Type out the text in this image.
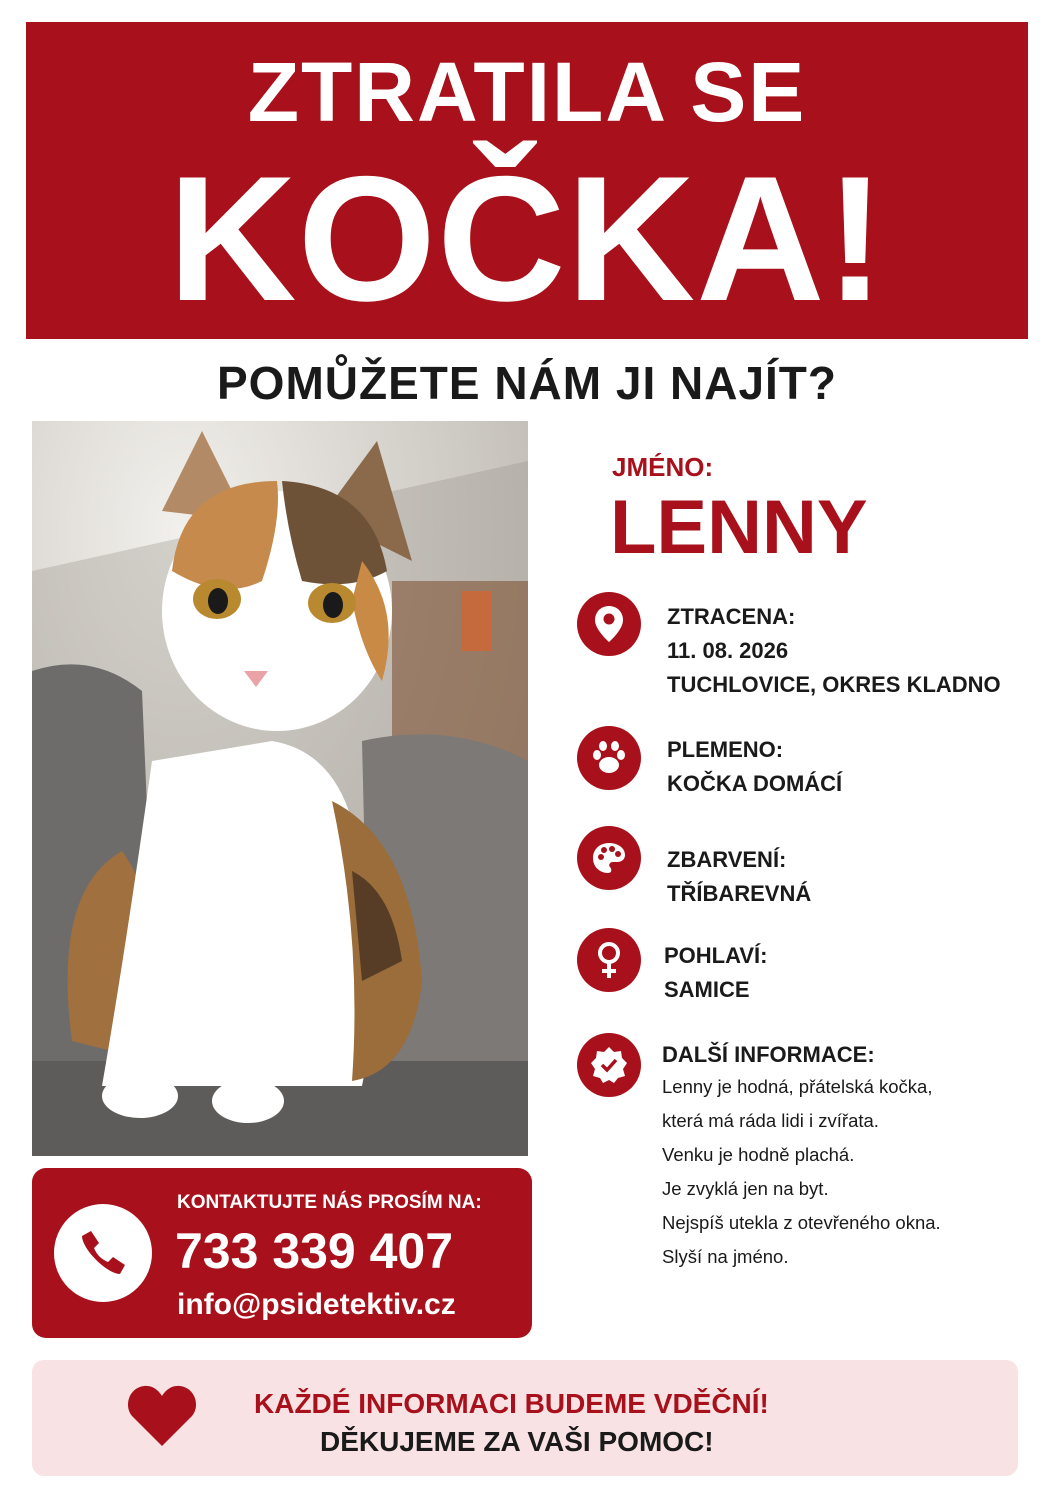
ZTRATILA SE
KOČKA!
POMŮŽETE NÁM JI NAJÍT?
JMÉNO:
LENNY
ZTRACENA:
11. 08. 2026
TUCHLOVICE, OKRES KLADNO
PLEMENO:
KOČKA DOMÁCÍ
ZBARVENÍ:
TŘÍBAREVNÁ
POHLAVÍ:
SAMICE
DALŠÍ INFORMACE:
Lenny je hodná, přátelská kočka,
která má ráda lidi i zvířata.
Venku je hodně plachá.
Je zvyklá jen na byt.
Nejspíš utekla z otevřeného okna.
Slyší na jméno.
KONTAKTUJTE NÁS PROSÍM NA:
733 339 407
info@psidetektiv.cz
KAŽDÉ INFORMACI BUDEME VDĚČNÍ!
DĚKUJEME ZA VAŠI POMOC!
